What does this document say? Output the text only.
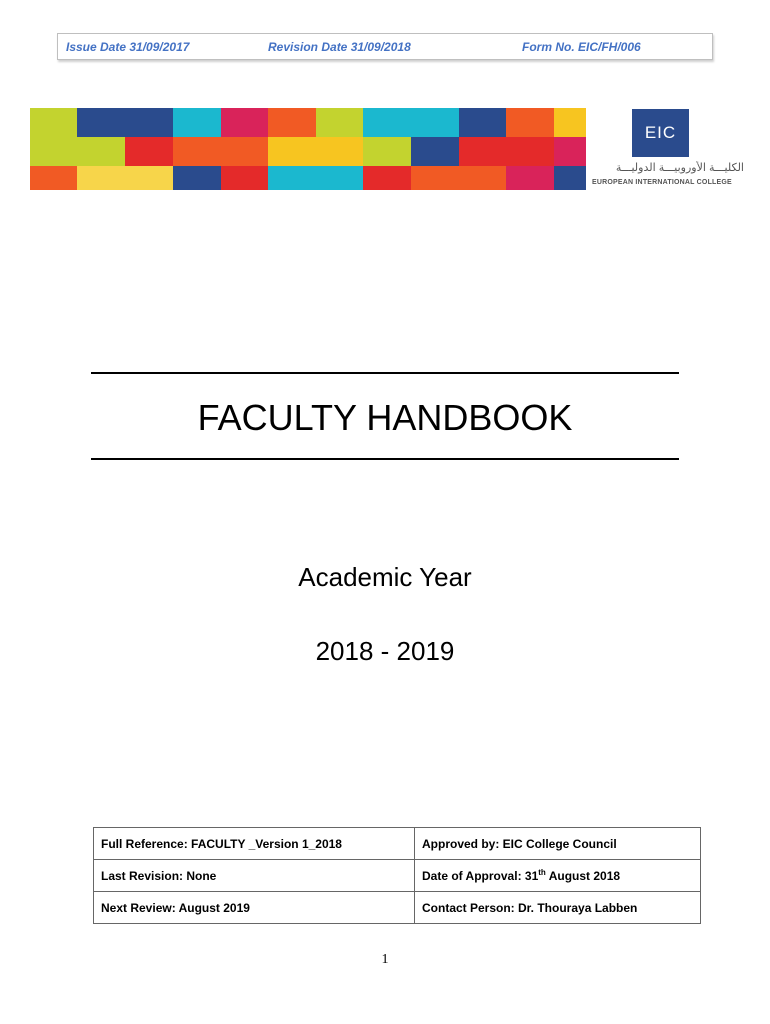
Issue Date 31/09/2017	Revision Date 31/09/2018	Form No. EIC/FH/006
EIC
الكليـــة الأوروبيـــة الدوليـــة
EUROPEAN INTERNATIONAL COLLEGE
FACULTY HANDBOOK
Academic Year
2018 - 2019
Full Reference: FACULTY _Version 1_2018	Approved by: EIC College Council
Last Revision: None	Date of Approval: 31th August 2018
Next Review: August 2019	Contact Person: Dr. Thouraya Labben
1
